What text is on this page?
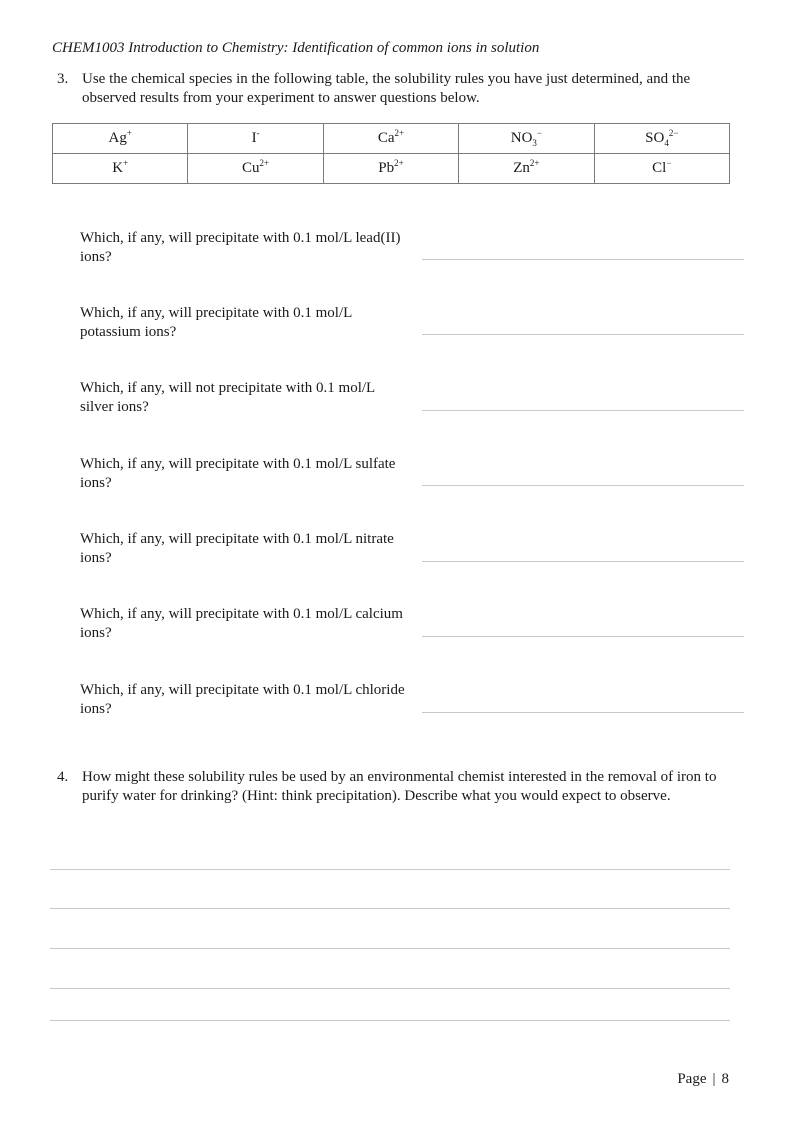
CHEM1003 Introduction to Chemistry: Identification of common ions in solution
3. Use the chemical species in the following table, the solubility rules you have just determined, and the observed results from your experiment to answer questions below.
Ag+	I-	$Ca^{2+}$	$NO_3^-$	$SO_4^{2-}$
K+	$Cu^{2+}$	$Pb^{2+}$	$Zn^{2+}$	Cl−
Which, if any, will precipitate with 0.1 mol/L lead(II) ions?
Which, if any, will precipitate with 0.1 mol/L potassium ions?
Which, if any, will not precipitate with 0.1 mol/L silver ions?
Which, if any, will precipitate with 0.1 mol/L sulfate ions?
Which, if any, will precipitate with 0.1 mol/L nitrate ions?
Which, if any, will precipitate with 0.1 mol/L calcium ions?
Which, if any, will precipitate with 0.1 mol/L chloride ions?
4. How might these solubility rules be used by an environmental chemist interested in the removal of iron to purify water for drinking? (Hint: think precipitation). Describe what you would expect to observe.
Page | 8
